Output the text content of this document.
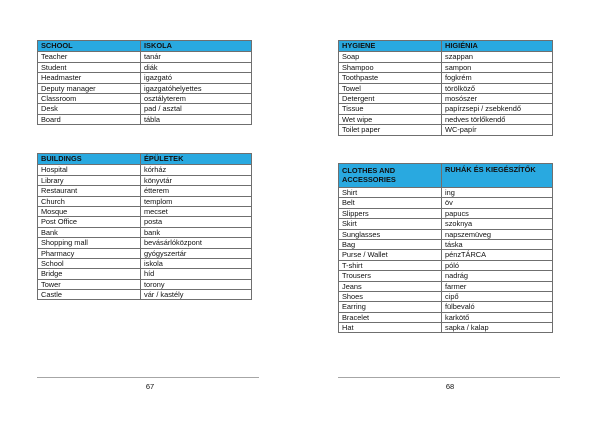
SCHOOL	ISKOLA
Teacher	tanár
Student	diák
Headmaster	igazgató
Deputy manager	igazgatóhelyettes
Classroom	osztályterem
Desk	pad / asztal
Board	tábla
BUILDINGS	ÉPÜLETEK
Hospital	kórház
Library	könyvtár
Restaurant	étterem
Church	templom
Mosque	mecset
Post Office	posta
Bank	bank
Shopping mall	bevásárlóközpont
Pharmacy	gyógyszertár
School	iskola
Bridge	híd
Tower	torony
Castle	vár / kastély
67
HYGIENE	HIGIÉNIA
Soap	szappan
Shampoo	sampon
Toothpaste	fogkrém
Towel	törölköző
Detergent	mosószer
Tissue	papírzsepi / zsebkendő
Wet wipe	nedves törlőkendő
Toilet paper	WC-papír
CLOTHES AND
ACCESSORIES	RUHÁK ÉS KIEGÉSZÍTŐK

Shirt	ing
Belt	öv
Slippers	papucs
Skirt	szoknya
Sunglasses	napszemüveg
Bag	táska
Purse / Wallet	pénzTÁRCA
T-shirt	póló
Trousers	nadrág
Jeans	farmer
Shoes	cipő
Earring	fülbevaló
Bracelet	karkötő
Hat	sapka / kalap
68
